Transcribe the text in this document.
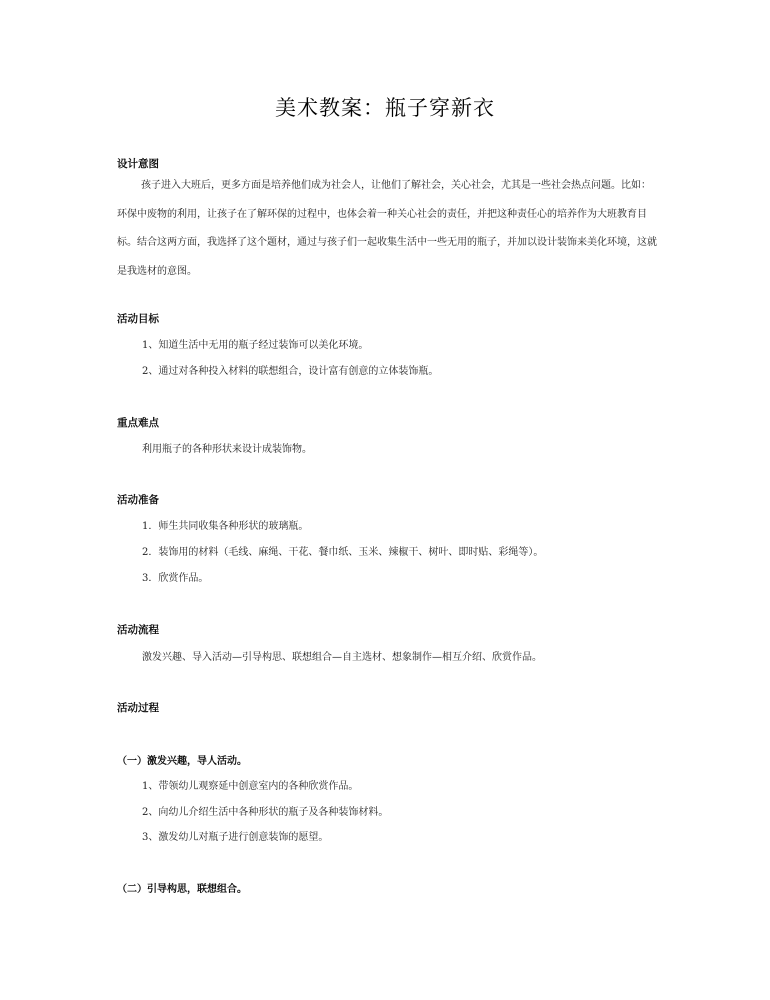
美术教案：瓶子穿新衣
设计意图

孩子进入大班后，更多方面是培养他们成为社会人，让他们了解社会，关心社会，尤其是一些社会热点问题。比如：环保中废物的利用，让孩子在了解环保的过程中，也体会着一种关心社会的责任，并把这种责任心的培养作为大班教育目标。结合这两方面，我选择了这个题材，通过与孩子们一起收集生活中一些无用的瓶子，并加以设计装饰来美化环境，这就是我选材的意图。

活动目标
1、知道生活中无用的瓶子经过装饰可以美化环境。
2、通过对各种投入材料的联想组合，设计富有创意的立体装饰瓶。
重点难点
利用瓶子的各种形状来设计成装饰物。
活动准备
1．师生共同收集各种形状的玻璃瓶。
2．装饰用的材料（毛线、麻绳、干花、餐巾纸、玉米、辣椒干、树叶、即时贴、彩绳等）。
3．欣赏作品。
活动流程
激发兴趣、导入活动—引导构思、联想组合—自主选材、想象制作—相互介绍、欣赏作品。
活动过程
（一）激发兴趣，导人活动。
1、带领幼儿观察延中创意室内的各种欣赏作品。
2、向幼儿介绍生活中各种形状的瓶子及各种装饰材料。
3、激发幼儿对瓶子进行创意装饰的愿望。
（二）引导构思，联想组合。
